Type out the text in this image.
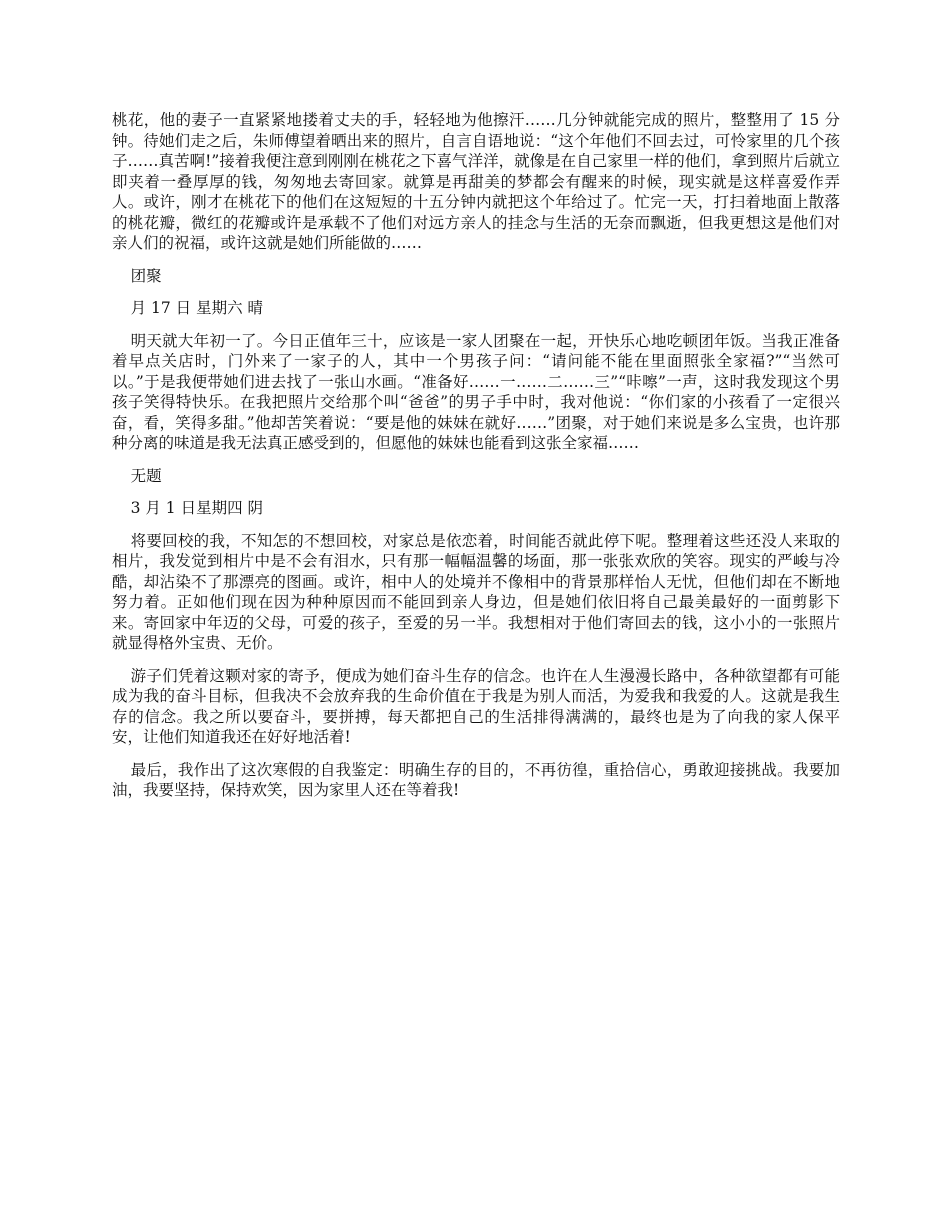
桃花，他的妻子一直紧紧地搂着丈夫的手，轻轻地为他擦汗……几分钟就能完成的照片，整整用了 15 分钟。待她们走之后，朱师傅望着晒出来的照片，自言自语地说：“这个年他们不回去过，可怜家里的几个孩子……真苦啊!”接着我便注意到刚刚在桃花之下喜气洋洋，就像是在自己家里一样的他们，拿到照片后就立即夹着一叠厚厚的钱，匆匆地去寄回家。就算是再甜美的梦都会有醒来的时候，现实就是这样喜爱作弄人。或许，刚才在桃花下的他们在这短短的十五分钟内就把这个年给过了。忙完一天，打扫着地面上散落的桃花瓣，微红的花瓣或许是承载不了他们对远方亲人的挂念与生活的无奈而飘逝，但我更想这是他们对亲人们的祝福，或许这就是她们所能做的……

团聚

月 17 日 星期六 晴

明天就大年初一了。今日正值年三十，应该是一家人团聚在一起，开快乐心地吃顿团年饭。当我正准备着早点关店时，门外来了一家子的人，其中一个男孩子问：“请问能不能在里面照张全家福?”“当然可以。”于是我便带她们进去找了一张山水画。“准备好……一……二……三”“咔嚓”一声，这时我发现这个男孩子笑得特快乐。在我把照片交给那个叫“爸爸”的男子手中时，我对他说：“你们家的小孩看了一定很兴奋，看，笑得多甜。”他却苦笑着说：“要是他的妹妹在就好……”团聚，对于她们来说是多么宝贵，也许那种分离的味道是我无法真正感受到的，但愿他的妹妹也能看到这张全家福……

无题

3 月 1 日星期四 阴

将要回校的我，不知怎的不想回校，对家总是依恋着，时间能否就此停下呢。整理着这些还没人来取的相片，我发觉到相片中是不会有泪水，只有那一幅幅温馨的场面，那一张张欢欣的笑容。现实的严峻与冷酷，却沾染不了那漂亮的图画。或许，相中人的处境并不像相中的背景那样怡人无忧，但他们却在不断地努力着。正如他们现在因为种种原因而不能回到亲人身边，但是她们依旧将自己最美最好的一面剪影下来。寄回家中年迈的父母，可爱的孩子，至爱的另一半。我想相对于他们寄回去的钱，这小小的一张照片就显得格外宝贵、无价。

游子们凭着这颗对家的寄予，便成为她们奋斗生存的信念。也许在人生漫漫长路中，各种欲望都有可能成为我的奋斗目标，但我决不会放弃我的生命价值在于我是为别人而活，为爱我和我爱的人。这就是我生存的信念。我之所以要奋斗，要拼搏，每天都把自己的生活排得满满的，最终也是为了向我的家人保平安，让他们知道我还在好好地活着!

最后，我作出了这次寒假的自我鉴定：明确生存的目的，不再彷徨，重拾信心，勇敢迎接挑战。我要加油，我要坚持，保持欢笑，因为家里人还在等着我!
